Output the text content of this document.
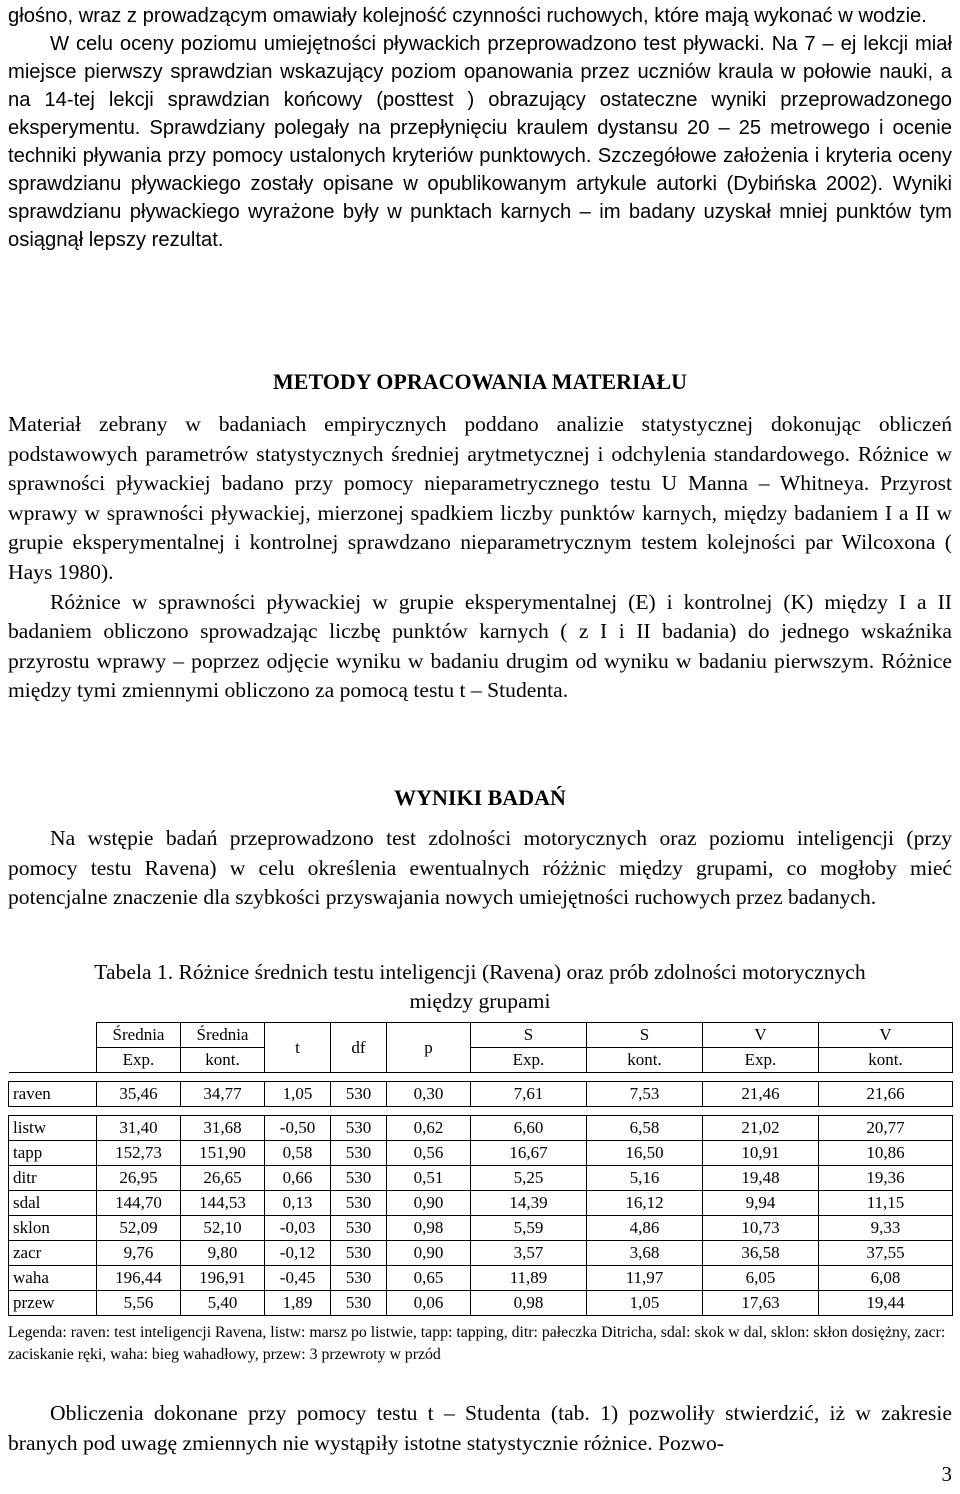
głośno, wraz z prowadzącym omawiały kolejność czynności ruchowych, które mają wykonać w wodzie.

W celu oceny poziomu umiejętności pływackich przeprowadzono test pływacki. Na 7 – ej lekcji miał miejsce pierwszy sprawdzian wskazujący poziom opanowania przez uczniów kraula w połowie nauki, a na 14-tej lekcji sprawdzian końcowy (posttest ) obrazujący ostateczne wyniki przeprowadzonego eksperymentu. Sprawdziany polegały na przepłynięciu kraulem dystansu 20 – 25 metrowego i ocenie techniki pływania przy pomocy ustalonych kryteriów punktowych. Szczegółowe założenia i kryteria oceny sprawdzianu pływackiego zostały opisane w opublikowanym artykule autorki (Dybińska 2002). Wyniki sprawdzianu pływackiego wyrażone były w punktach karnych – im badany uzyskał mniej punktów tym osiągnął lepszy rezultat.

METODY OPRACOWANIA MATERIAŁU

Materiał zebrany w badaniach empirycznych poddano analizie statystycznej dokonując obliczeń podstawowych parametrów statystycznych średniej arytmetycznej i odchylenia standardowego. Różnice w sprawności pływackiej badano przy pomocy nieparametrycznego testu U Manna – Whitneya. Przyrost wprawy w sprawności pływackiej, mierzonej spadkiem liczby punktów karnych, między badaniem I a II w grupie eksperymentalnej i kontrolnej sprawdzano nieparametrycznym testem kolejności par Wilcoxona ( Hays 1980).

Różnice w sprawności pływackiej w grupie eksperymentalnej (E) i kontrolnej (K) między I a II badaniem obliczono sprowadzając liczbę punktów karnych ( z I i II badania) do jednego wskaźnika przyrostu wprawy – poprzez odjęcie wyniku w badaniu drugim od wyniku w badaniu pierwszym. Różnice między tymi zmiennymi obliczono za pomocą testu t – Studenta.

WYNIKI BADAŃ

Na wstępie badań przeprowadzono test zdolności motorycznych oraz poziomu inteligencji (przy pomocy testu Ravena) w celu określenia ewentualnych różżnic między grupami, co mogłoby mieć potencjalne znaczenie dla szybkości przyswajania nowych umiejętności ruchowych przez badanych.

Tabela 1. Różnice średnich testu inteligencji (Ravena) oraz prób zdolności motorycznych
między grupami
	Średnia	Średnia	t	df	p	S	S	V	V
	Exp.	kont.				Exp.	kont.	Exp.	kont.

raven	35,46	34,77	1,05	530	0,30	7,61	7,53	21,46	21,66

listw	31,40	31,68	-0,50	530	0,62	6,60	6,58	21,02	20,77
tapp	152,73	151,90	0,58	530	0,56	16,67	16,50	10,91	10,86
ditr	26,95	26,65	0,66	530	0,51	5,25	5,16	19,48	19,36
sdal	144,70	144,53	0,13	530	0,90	14,39	16,12	9,94	11,15
sklon	52,09	52,10	-0,03	530	0,98	5,59	4,86	10,73	9,33
zacr	9,76	9,80	-0,12	530	0,90	3,57	3,68	36,58	37,55
waha	196,44	196,91	-0,45	530	0,65	11,89	11,97	6,05	6,08
przew	5,56	5,40	1,89	530	0,06	0,98	1,05	17,63	19,44
Legenda: raven: test inteligencji Ravena, listw: marsz po listwie, tapp: tapping, ditr: pałeczka Ditricha, sdal: skok w dal, sklon: skłon dosiężny, zacr: zaciskanie ręki, waha: bieg wahadłowy, przew: 3 przewroty w przód

Obliczenia dokonane przy pomocy testu t – Studenta (tab. 1) pozwoliły stwierdzić, iż w zakresie branych pod uwagę zmiennych nie wystąpiły istotne statystycznie różnice. Pozwo-

3
